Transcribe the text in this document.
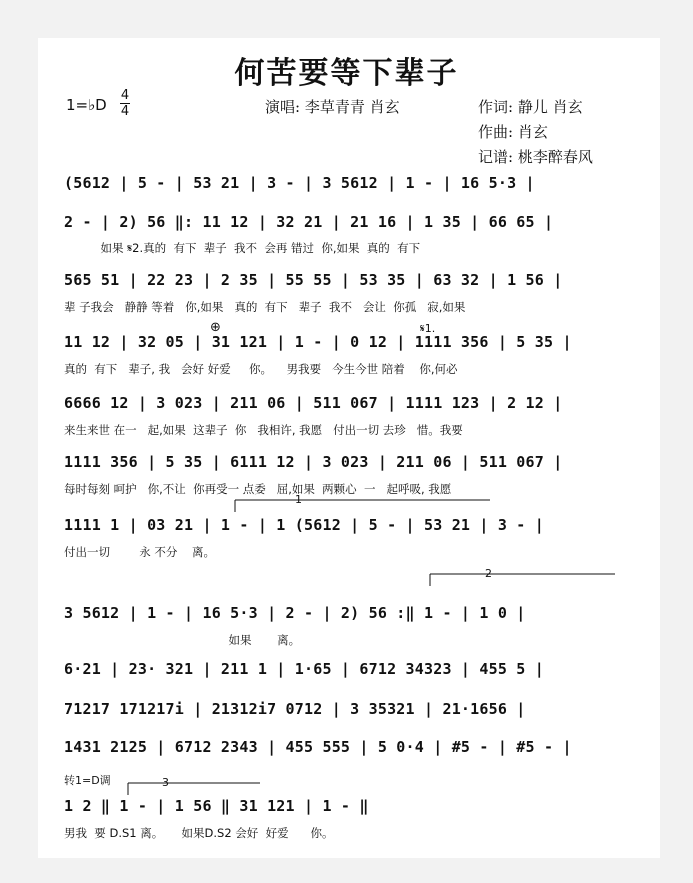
何苦要等下辈子
1=♭D
4
4	演唱: 李草青青 肖玄	作词: 静儿 肖玄
作曲: 肖玄
记谱: 桃李醉春风
(5612 | 5 - | 53 21 | 3 - | 3 5612 | 1 - | 16 5·3 |
2 - | 2) 56 ‖: 11 12 | 32 21 | 21 16 | 1 35 | 66 65 |
如果 𝄋2.真的  有下  辈子  我不  会再 错过  你,如果  真的  有下
565 51 | 22 23 | 2 35 | 55 55 | 53 35 | 63 32 | 1 56 |
辈 子我会   静静 等着   你,如果   真的  有下   辈子  我不   会让  你孤   寂,如果
11 12 | 32 05 | 31 121 | 1 - | 0 12 | 1111 356 | 5 35 |
真的  有下   辈子, 我   会好 好爱     你。    男我要   今生今世 陪着    你,何必
6666 12 | 3 023 | 211 06 | 511 067 | 1111 123 | 2 12 |
来生来世 在一   起,如果  这辈子  你   我相许, 我愿   付出一切 去珍   惜。我要
1111 356 | 5 35 | 6111 12 | 3 023 | 211 06 | 511 067 |
每时每刻 呵护   你,不让  你再受一 点委   屈,如果  两颗心  一   起呼吸, 我愿
1111 1 | 03 21 | 1 - | 1 (5612 | 5 - | 53 21 | 3 - |
付出一切        永 不分    离。
3 5612 | 1 - | 16 5·3 | 2 - | 2) 56 :‖ 1 - | 1 0 |
如果       离。
6·21 | 23· 321 | 211 1 | 1·65 | 6712 34323 | 455 5 |
71217 171217i | 21312i7 0712 | 3 35321 | 21·1656 |
1431 2125 | 6712 2343 | 455 555 | 5 0·4 | #5 - | #5 - |
1 2 ‖ 1 - | 1 56 ‖ 31 121 | 1 - ‖
男我  要 D.S1 离。     如果D.S2 会好  好爱      你。
1
2
3
转1=D调
𝄋1.
⊕
